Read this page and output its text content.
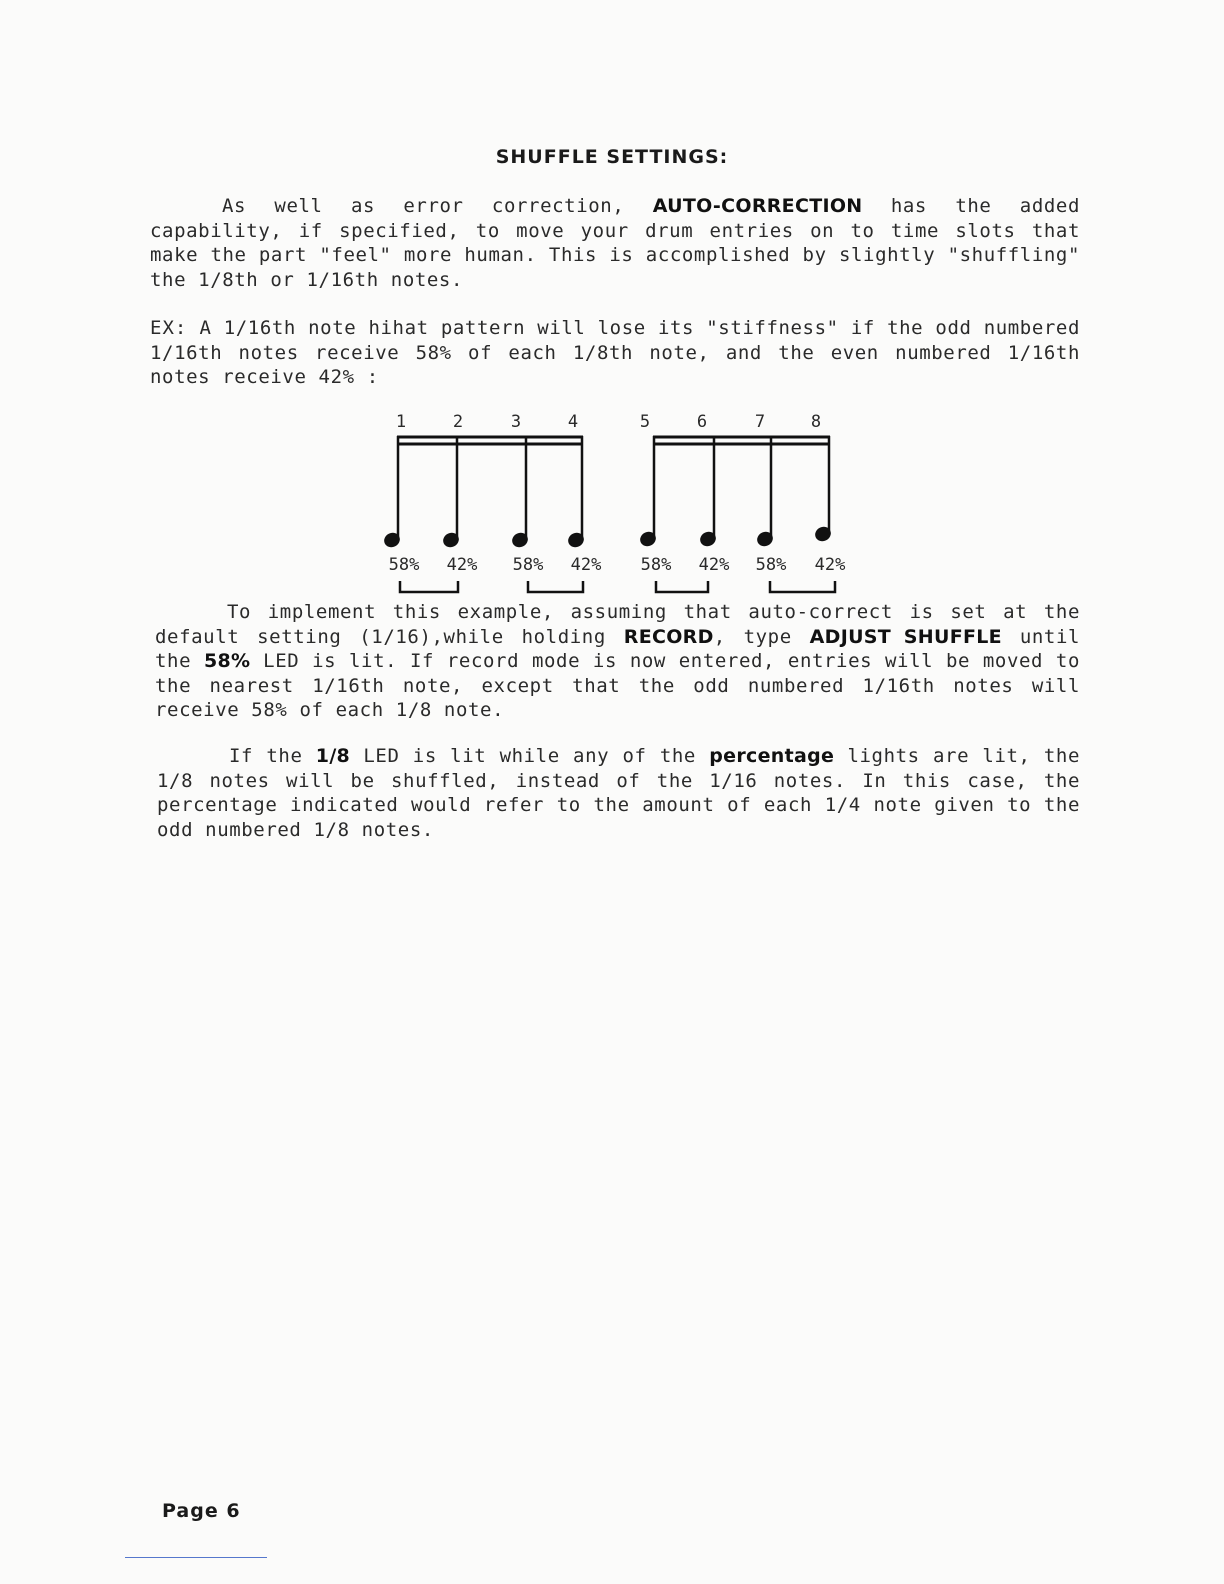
SHUFFLE SETTINGS:
As well as error correction, AUTO-CORRECTION has the added capability, if specified, to move your drum entries on to time slots that make the part "feel" more human. This is accomplished by slightly "shuffling" the 1/8th or 1/16th notes.
EX: A 1/16th note hihat pattern will lose its "stiffness" if the odd numbered 1/16th notes receive 58% of each 1/8th note, and the even numbered 1/16th notes receive 42% :
1	2	3	4	5	6	7	8
58% 42% 58% 42% 58% 42% 58% 42%
To implement this example, assuming that auto-correct is set at the default setting (1/16),while holding RECORD, type ADJUST SHUFFLE until the 58% LED is lit. If record mode is now entered, entries will be moved to the nearest 1/16th note, except that the odd numbered 1/16th notes will receive 58% of each 1/8 note.
If the 1/8 LED is lit while any of the percentage lights are lit, the 1/8 notes will be shuffled, instead of the 1/16 notes. In this case, the percentage indicated would refer to the amount of each 1/4 note given to the odd numbered 1/8 notes.
Page 6
